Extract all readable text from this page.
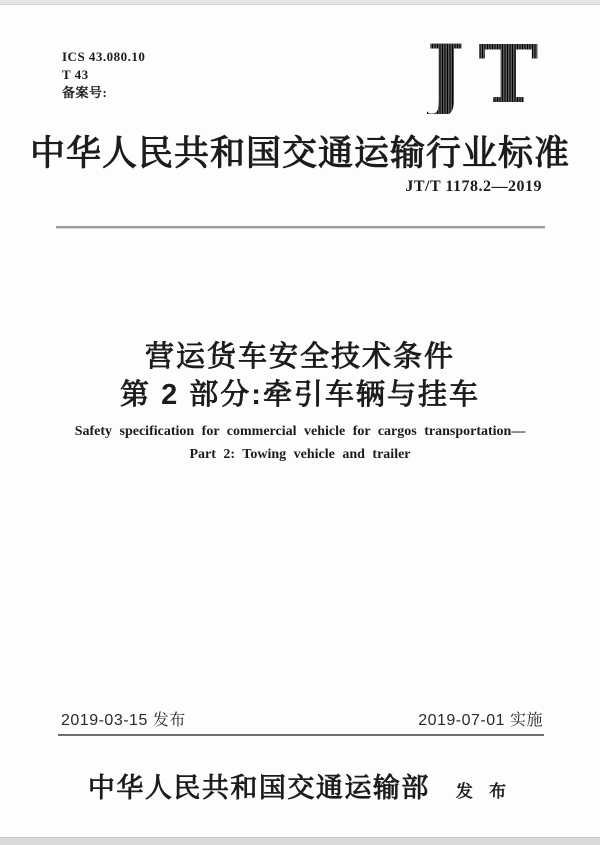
ICS 43.080.10
T 43
备案号:	JT
中华人民共和国交通运输行业标准
JT/T 1178.2—2019
营运货车安全技术条件
第 2 部分:牵引车辆与挂车
Safety specification for commercial vehicle for cargos transportation—
Part 2: Towing vehicle and trailer
2019-03-15 发布	2019-07-01 实施
中华人民共和国交通运输部 发 布
